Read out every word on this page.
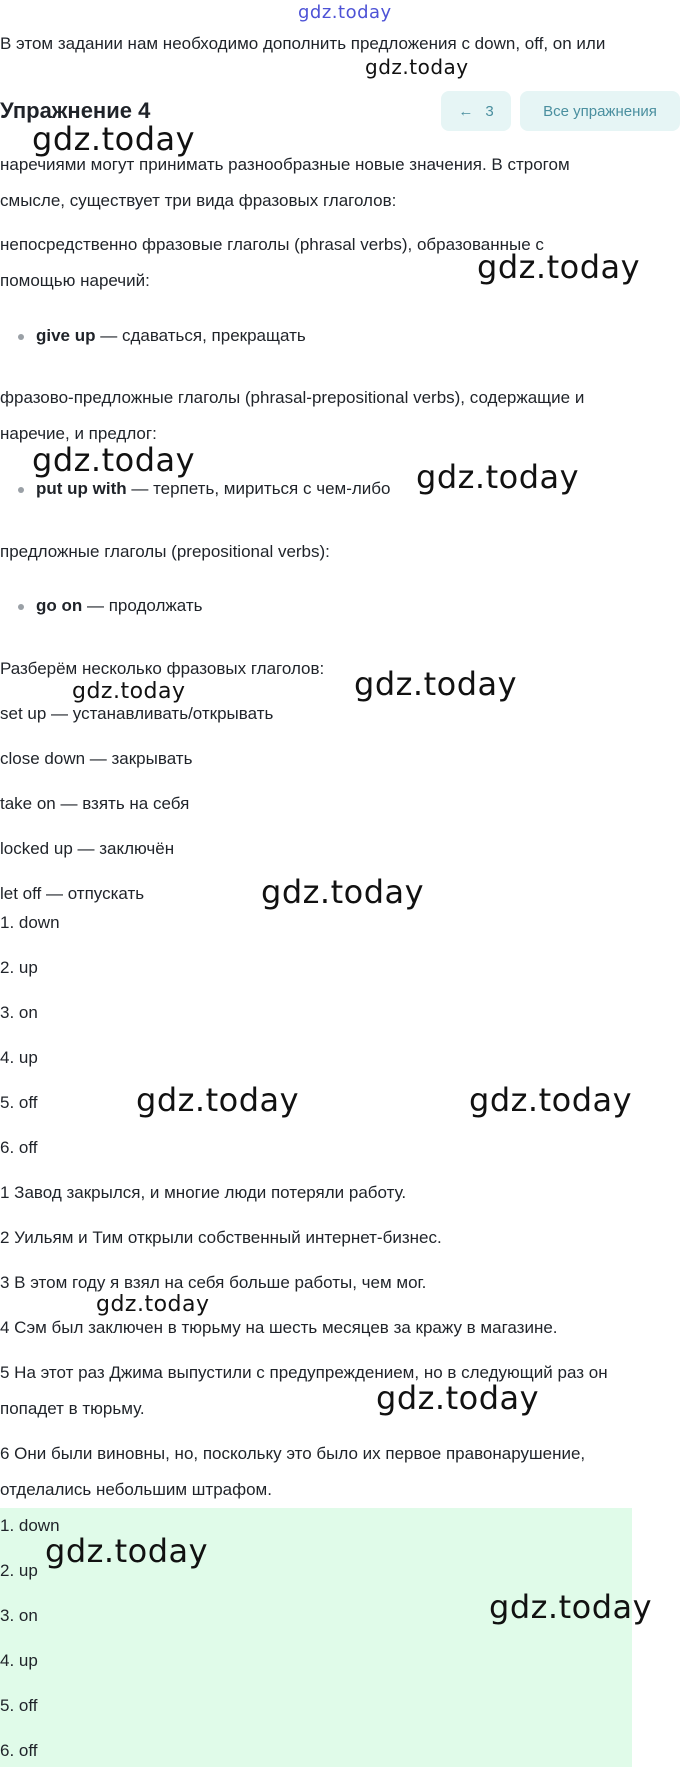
gdz.today
В этом задании нам необходимо дополнить предложения с down, off, on или
gdz.today
Упражнение 4	← 3	Все упражнения
gdz.today
наречиями могут принимать разнообразные новые значения. В строгом
смысле, существует три вида фразовых глаголов:
непосредственно фразовые глаголы (phrasal verbs), образованные с
помощью наречий:	gdz.today
give up — сдаваться, прекращать
фразово-предложные глаголы (phrasal-prepositional verbs), содержащие и
наречие, и предлог:
gdz.today
put up with — терпеть, мириться с чем-либо gdz.today
предложные глаголы (prepositional verbs):
go on — продолжать
Разберём несколько фразовых глаголов:
gdz.today	gdz.today
set up — устанавливать/открывать
close down — закрывать
take on — взять на себя
locked up — заключён
let off — отпускать	gdz.today
1. down
2. up
3. on
4. up
5. off	gdz.today	gdz.today
6. off
1 Завод закрылся, и многие люди потеряли работу.
2 Уильям и Тим открыли собственный интернет-бизнес.
3 В этом году я взял на себя больше работы, чем мог.
gdz.today
4 Сэм был заключен в тюрьму на шесть месяцев за кражу в магазине.
5 На этот раз Джима выпустили с предупреждением, но в следующий раз он
попадет в тюрьму.	gdz.today
6 Они были виновны, но, поскольку это было их первое правонарушение,
отделались небольшим штрафом.
1. down
2. up
gdz.today
3. on	gdz.today
4. up
5. off
6. off
